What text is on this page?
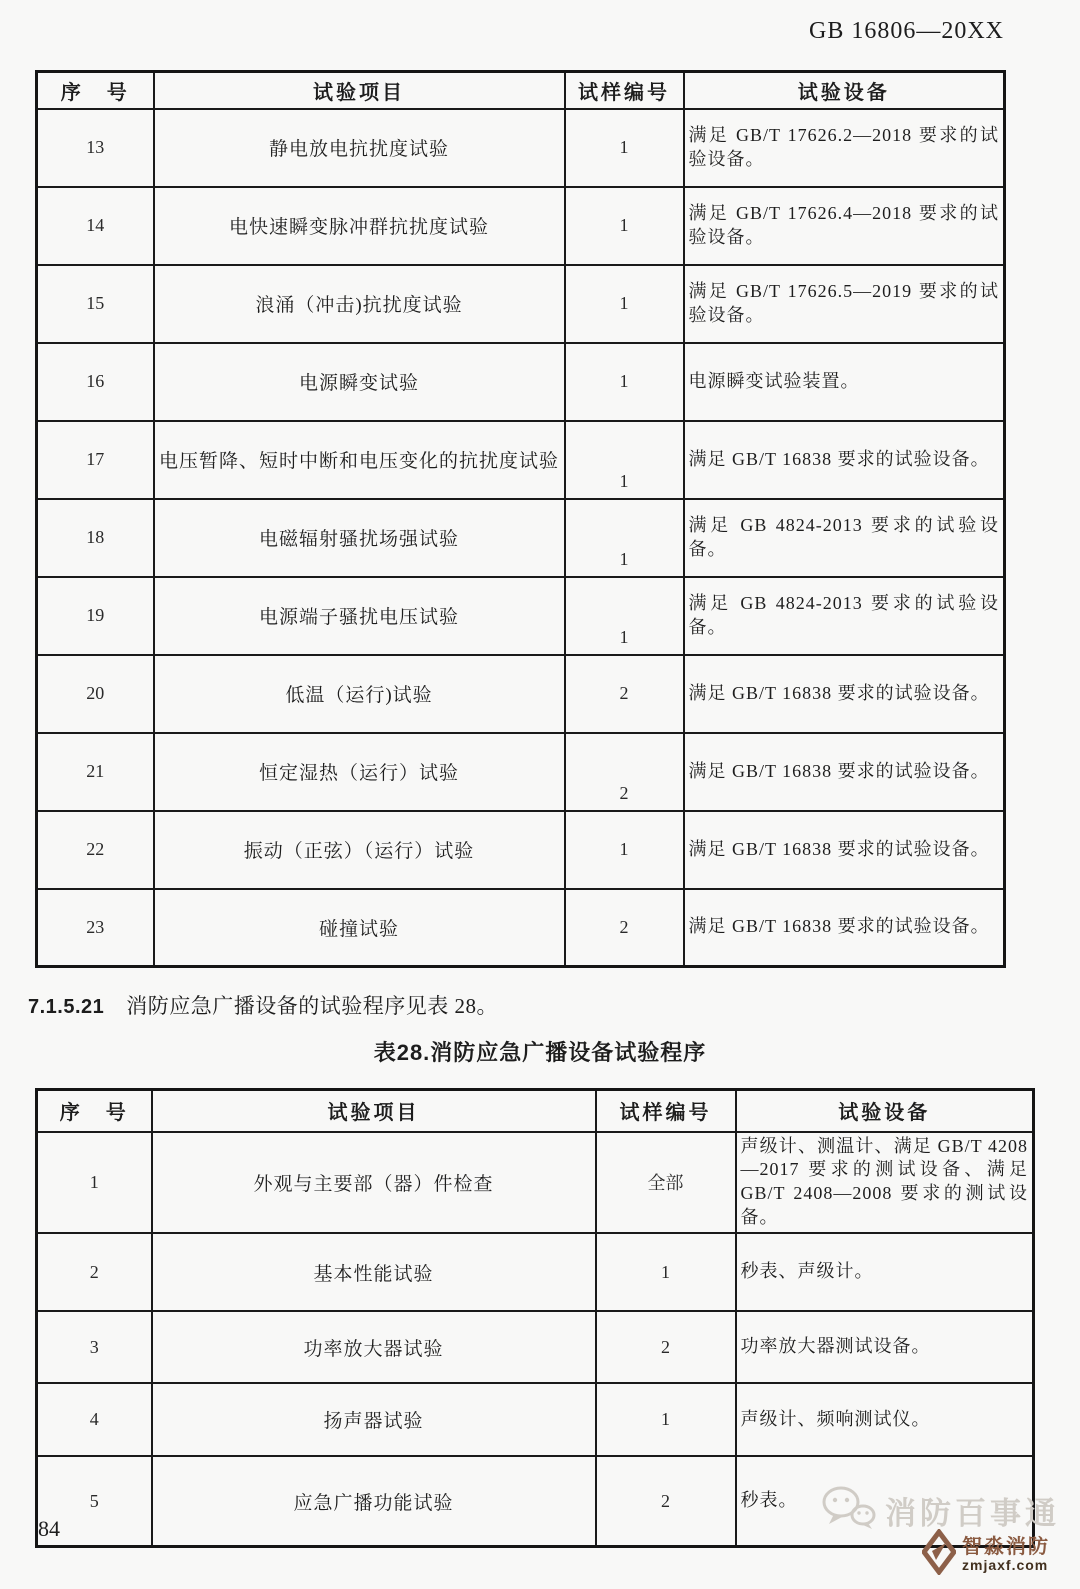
GB 16806—20XX
序　号	试验项目	试样编号	试验设备
13	静电放电抗扰度试验	1	满足 GB/T 17626.2—2018 要求的试验设备。
14	电快速瞬变脉冲群抗扰度试验	1	满足 GB/T 17626.4—2018 要求的试验设备。
15	浪涌（冲击)抗扰度试验	1	满足 GB/T 17626.5—2019 要求的试验设备。
16	电源瞬变试验	1	电源瞬变试验装置。
17	电压暂降、短时中断和电压变化的抗扰度试验	1	满足 GB/T 16838 要求的试验设备。
18	电磁辐射骚扰场强试验	1	满足 GB 4824-2013 要求的试验设备。
19	电源端子骚扰电压试验	1	满足 GB 4824-2013 要求的试验设备。
20	低温（运行)试验	2	满足 GB/T 16838 要求的试验设备。
21	恒定湿热（运行）试验	2	满足 GB/T 16838 要求的试验设备。
22	振动（正弦）（运行）试验	1	满足 GB/T 16838 要求的试验设备。
23	碰撞试验	2	满足 GB/T 16838 要求的试验设备。
7.1.5.21 消防应急广播设备的试验程序见表 28。
表28.消防应急广播设备试验程序
序　号	试验项目	试样编号	试验设备
1	外观与主要部（器）件检查	全部	声级计、测温计、满足 GB/T 4208—2017 要求的测试设备、满足 GB/T 2408—2008 要求的测试设备。
2	基本性能试验	1	秒表、声级计。
3	功率放大器试验	2	功率放大器测试设备。
4	扬声器试验	1	声级计、频响测试仪。
5	应急广播功能试验	2	秒表。
84	消防百事通
智淼消防
zmjaxf.com
